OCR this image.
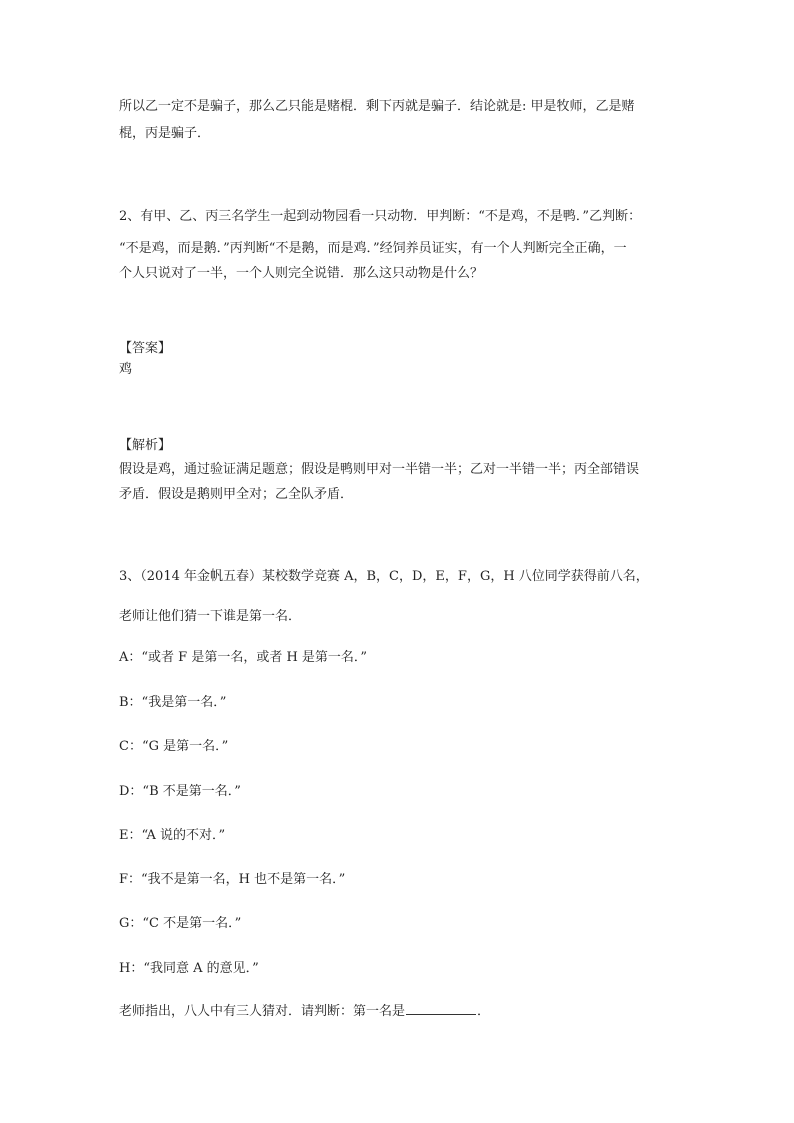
所以乙一定不是骗子，那么乙只能是赌棍．剩下丙就是骗子．结论就是: 甲是牧师，乙是赌
棍，丙是骗子．
2、有甲、乙、丙三名学生一起到动物园看一只动物．甲判断：“不是鸡，不是鸭．”乙判断：
“不是鸡，而是鹅．”丙判断“不是鹅，而是鸡．”经饲养员证实，有一个人判断完全正确，一
个人只说对了一半，一个人则完全说错．那么这只动物是什么？
【答案】
鸡
【解析】
假设是鸡，通过验证满足题意；假设是鸭则甲对一半错一半；乙对一半错一半；丙全部错误
矛盾．假设是鹅则甲全对；乙全队矛盾．
3、（2014 年金帆五春）某校数学竞赛 A，B，C，D，E，F，G，H 八位同学获得前八名，
老师让他们猜一下谁是第一名．
A：“或者 F 是第一名，或者 H 是第一名．”
B：“我是第一名．”
C：“G 是第一名．”
D：“B 不是第一名．”
E：“A 说的不对．”
F：“我不是第一名，H 也不是第一名．”
G：“C 不是第一名．”
H：“我同意 A 的意见．”
老师指出，八人中有三人猜对．请判断：第一名是	．
